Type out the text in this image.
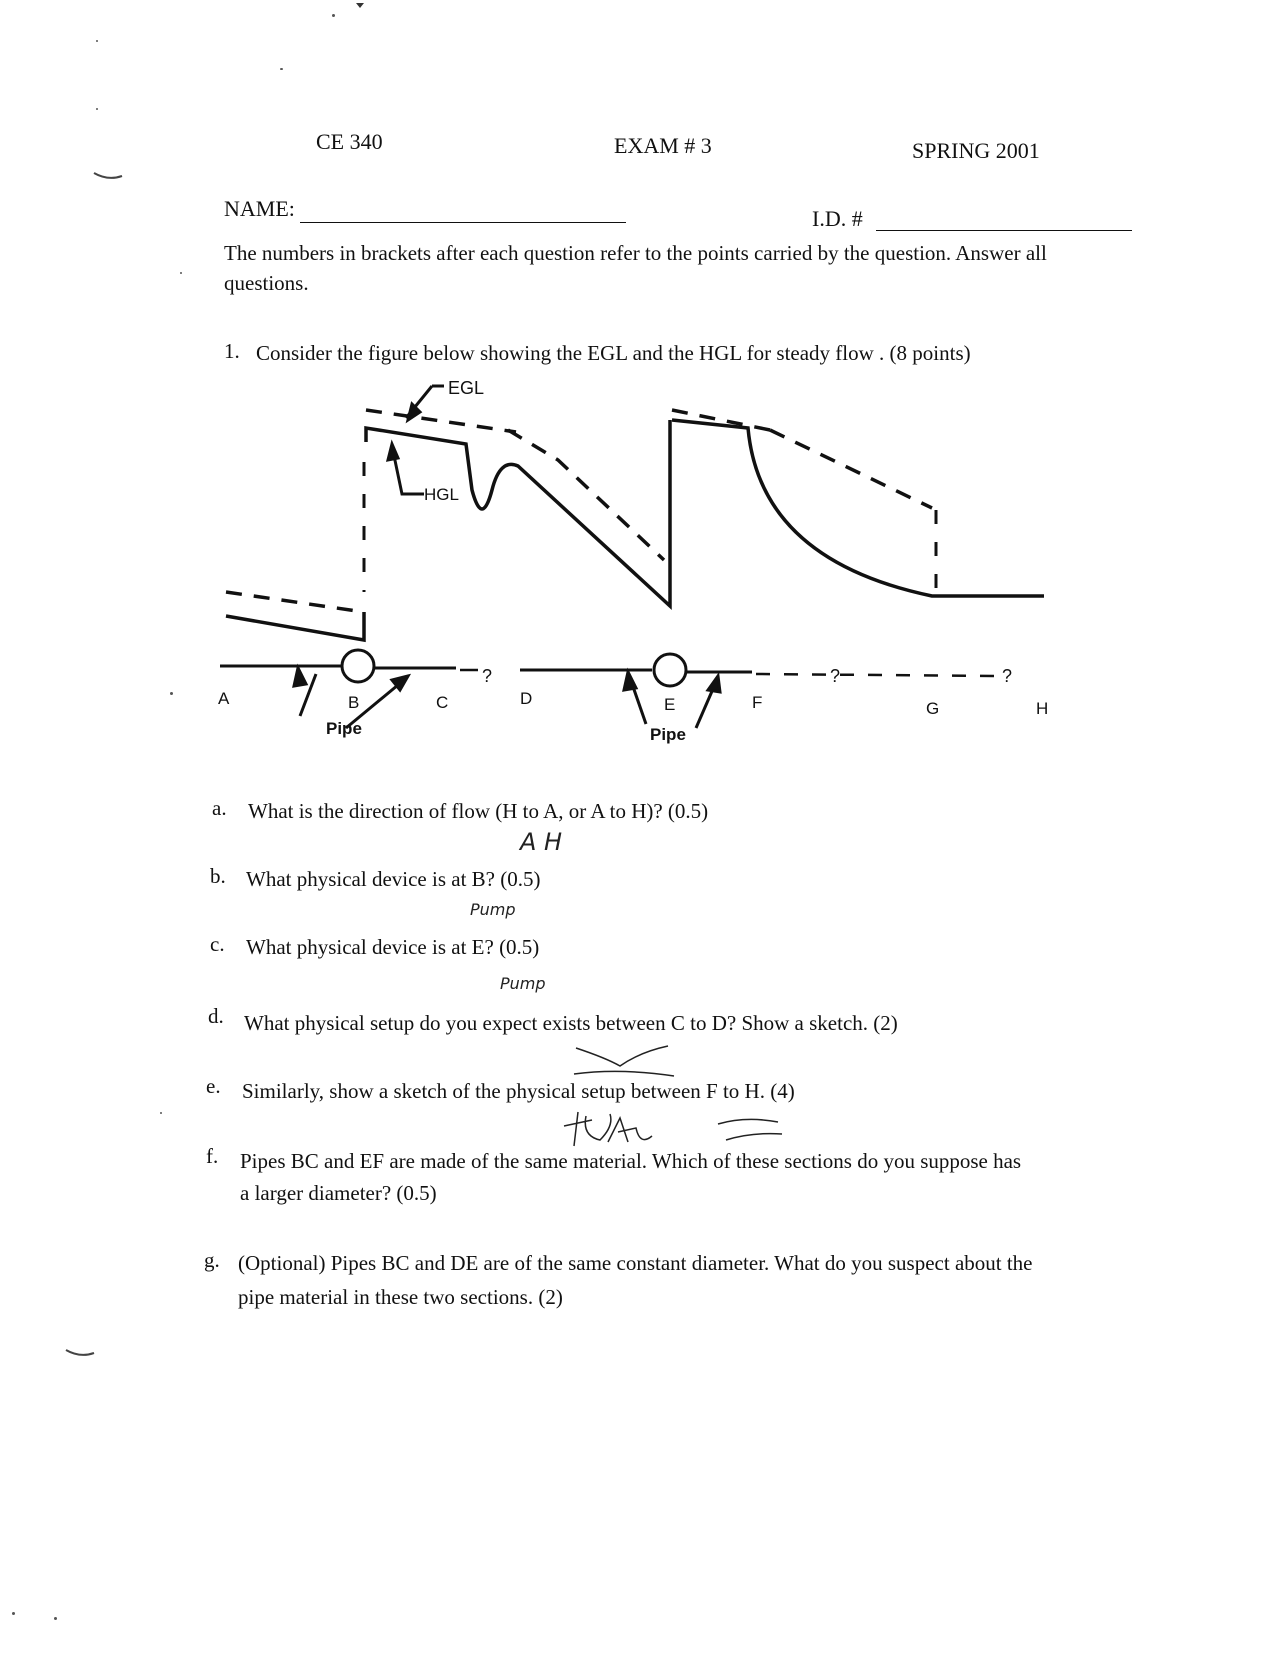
CE 340	EXAM # 3	SPRING 2001
NAME:	I.D. #
The numbers in brackets after each question refer to the points carried by the question. Answer all
questions.
1. Consider the figure below showing the EGL and the HGL for steady flow . (8 points)
EGL
HGL
?	?	?
A	B	C	D	E	F	G	H
Pipe	Pipe
a. What is the direction of flow (H to A, or A to H)? (0.5)
A H
b. What physical device is at B? (0.5)
Pump
c. What physical device is at E? (0.5)
Pump
d. What physical setup do you expect exists between C to D? Show a sketch. (2)
e. Similarly, show a sketch of the physical setup between F to H. (4)
f. Pipes BC and EF are made of the same material. Which of these sections do you suppose has
a larger diameter? (0.5)
g. (Optional) Pipes BC and DE are of the same constant diameter. What do you suspect about the
pipe material in these two sections. (2)
